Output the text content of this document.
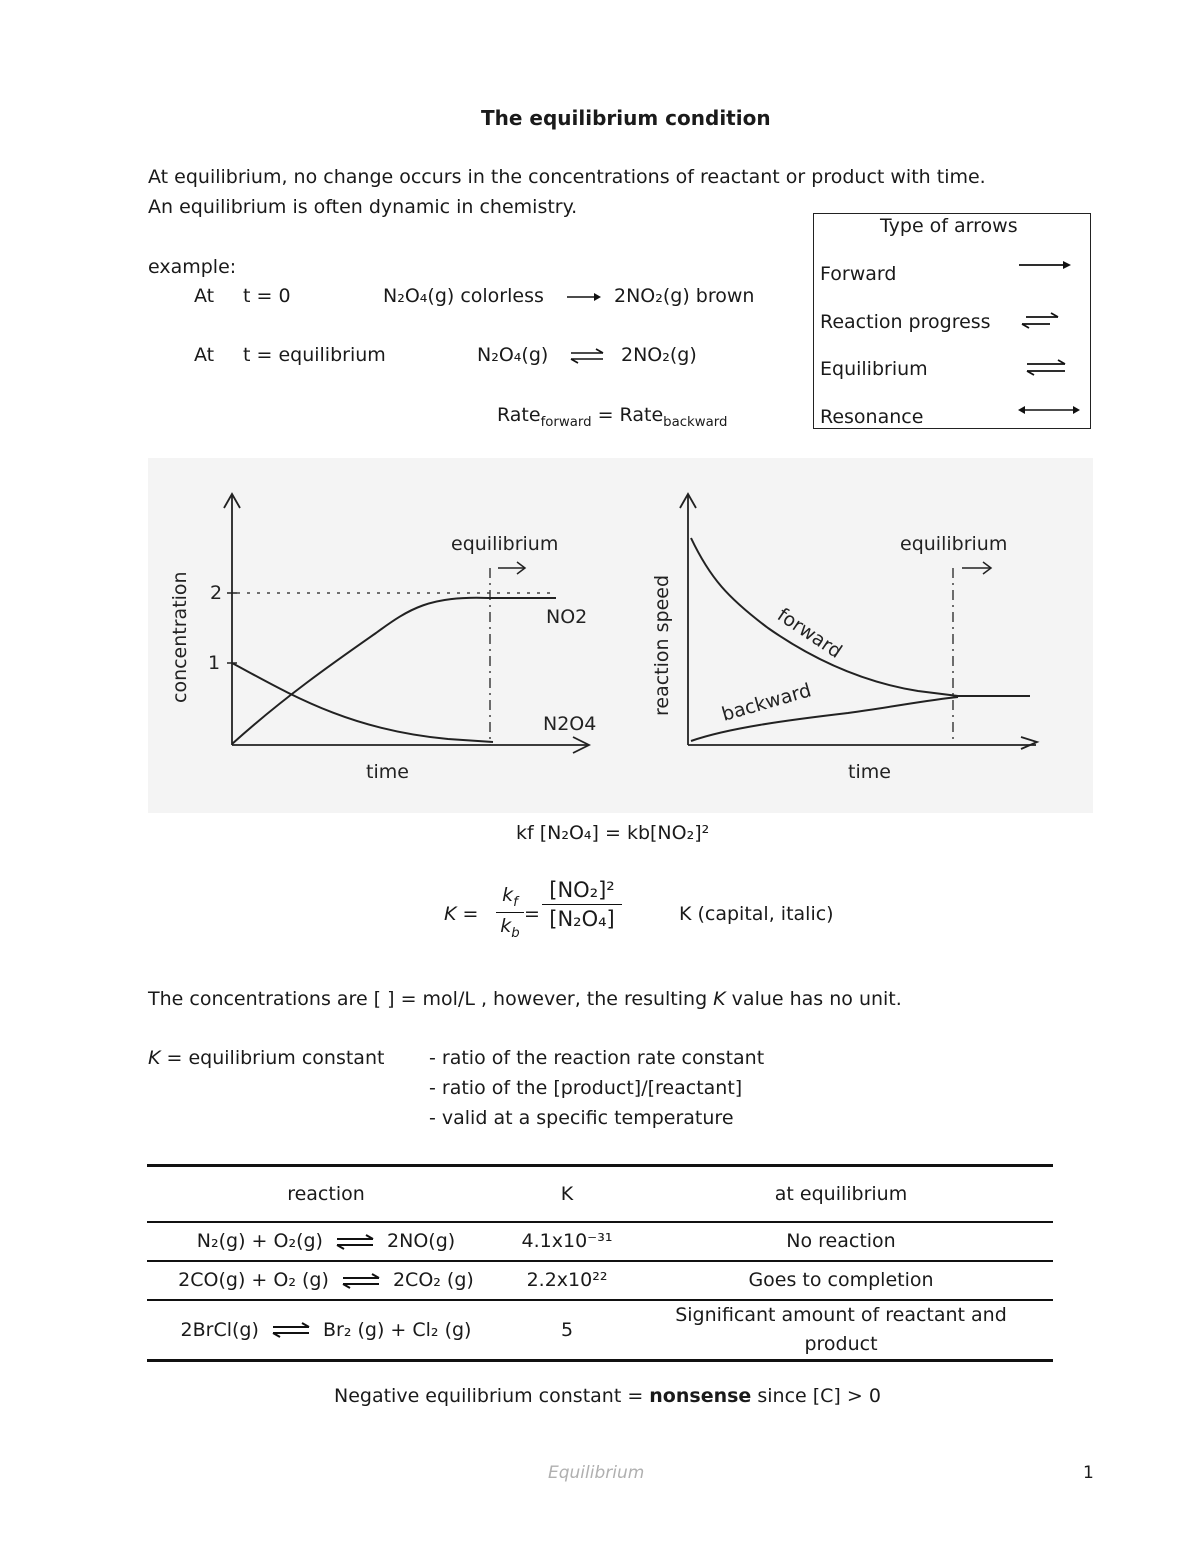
The equilibrium condition
At equilibrium, no change occurs in the concentrations of reactant or product with time.
An equilibrium is often dynamic in chemistry.
example:
At t = 0	N₂O₄(g) colorless	2NO₂(g) brown
At t = equilibrium	N₂O₄(g) ⇌ 2NO₂(g)
Rate$_{forward}$ = Rate$_{backward}$
Type of arrows
Forward
Reaction progress
Equilibrium
Resonance
equilibrium
2
1
NO2
N2O4
time
concentration
equilibrium
forward
backward
time
reaction speed
kf [N₂O₄] = kb[NO₂]²
K =
$k_f$
$k_b$
=
[NO₂]²
[N₂O₄]	K (capital, italic)
The concentrations are [ ] = mol/L , however, the resulting K value has no unit.
K = equilibrium constant - ratio of the reaction rate constant
- ratio of the [product]/[reactant]
- valid at a specific temperature
reaction	K	at equilibrium
N₂(g) + O₂(g) ⇌ 2NO(g)	4.1x10⁻³¹	No reaction
2CO(g) + O₂ (g) ⇌ 2CO₂ (g)	2.2x10²²	Goes to completion
2BrCl(g) ⇌ Br₂ (g) + Cl₂ (g)	5	Significant amount of reactant and product
Negative equilibrium constant = nonsense since [C] > 0
Equilibrium	1
